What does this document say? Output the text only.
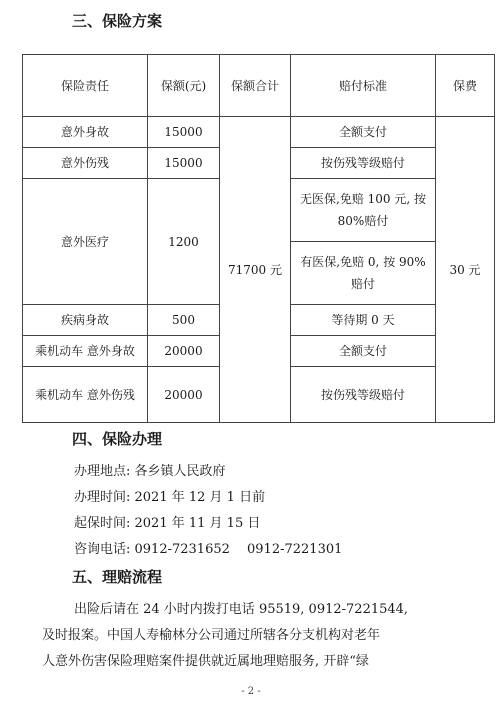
三、保险方案
保险责任	保额(元)	保额合计	赔付标准	保费
意外身故	15000	71700 元	全额支付	30 元
意外伤残	15000		按伤残等级赔付	
意外医疗	1200		无医保,免赔 100 元, 按 80%赔付	
			有医保,免赔 0, 按 90% 赔付	
疾病身故	500		等待期 0 天	
乘机动车 意外身故	20000		全额支付	
乘机动车 意外伤残	20000		按伤残等级赔付	
四、保险办理
办理地点: 各乡镇人民政府
办理时间: 2021 年 12 月 1 日前
起保时间: 2021 年 11 月 15 日
咨询电话: 0912-7231652　 0912-7221301
五、理赔流程
出险后请在 24 小时内拨打电话 95519, 0912-7221544,
及时报案。中国人寿榆林分公司通过所辖各分支机构对老年
人意外伤害保险理赔案件提供就近属地理赔服务, 开辟“绿
- 2 -
